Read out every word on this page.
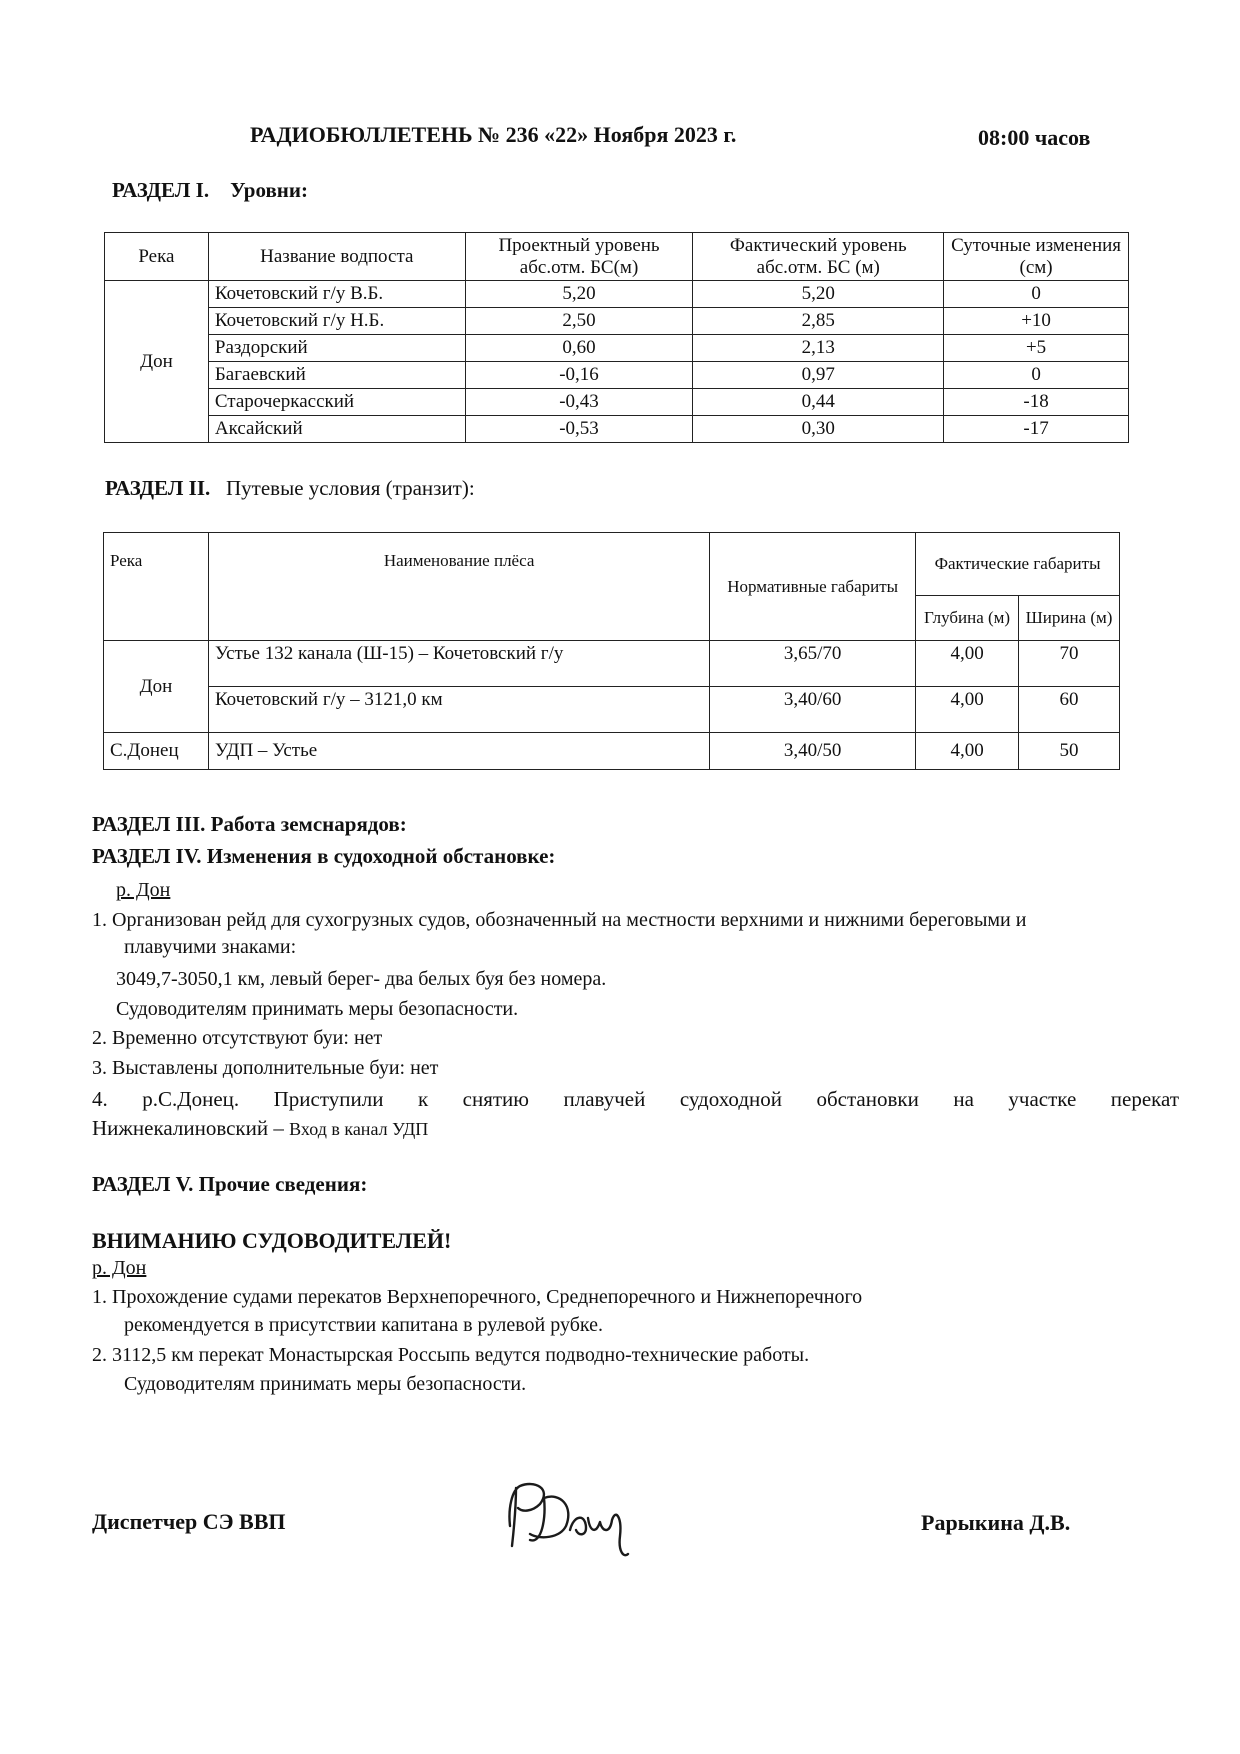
РАДИОБЮЛЛЕТЕНЬ № 236 «22» Ноября 2023 г.	08:00 часов
РАЗДЕЛ I. Уровни:
Река	Название водпоста	Проектный уровень абс.отм. БС(м)	Фактический уровень абс.отм. БС (м)	Суточные изменения (см)
Дон	Кочетовский г/у В.Б.	5,20	5,20	0
	Кочетовский г/у Н.Б.	2,50	2,85	+10
	Раздорский	0,60	2,13	+5
	Багаевский	-0,16	0,97	0
	Старочеркасский	-0,43	0,44	-18
	Аксайский	-0,53	0,30	-17
РАЗДЕЛ II. Путевые условия (транзит):
Река	Наименование плёса	Нормативные габариты	Фактические габариты	
			Глубина (м)	Ширина (м)
Дон	Устье 132 канала (Ш-15) – Кочетовский г/у	3,65/70	4,00	70
	Кочетовский г/у – 3121,0 км	3,40/60	4,00	60
С.Донец	УДП – Устье	3,40/50	4,00	50
РАЗДЕЛ III. Работа земснарядов:
РАЗДЕЛ IV. Изменения в судоходной обстановке:
р. Дон
1. Организован рейд для сухогрузных судов, обозначенный на местности верхними и нижними береговыми и
плавучими знаками:
3049,7-3050,1 км, левый берег- два белых буя без номера.
Судоводителям принимать меры безопасности.
2. Временно отсутствуют буи: нет
3. Выставлены дополнительные буи: нет
4. р.С.Донец. Приступили к снятию плавучей судоходной обстановки на участке перекат
Нижнекалиновский – Вход в канал УДП
РАЗДЕЛ V. Прочие сведения:
ВНИМАНИЮ СУДОВОДИТЕЛЕЙ!
р. Дон
1. Прохождение судами перекатов Верхнепоречного, Среднепоречного и Нижнепоречного
рекомендуется в присутствии капитана в рулевой рубке.
2. 3112,5 км перекат Монастырская Россыпь ведутся подводно-технические работы.
Судоводителям принимать меры безопасности.
Диспетчер СЭ ВВП	Рарыкина Д.В.
